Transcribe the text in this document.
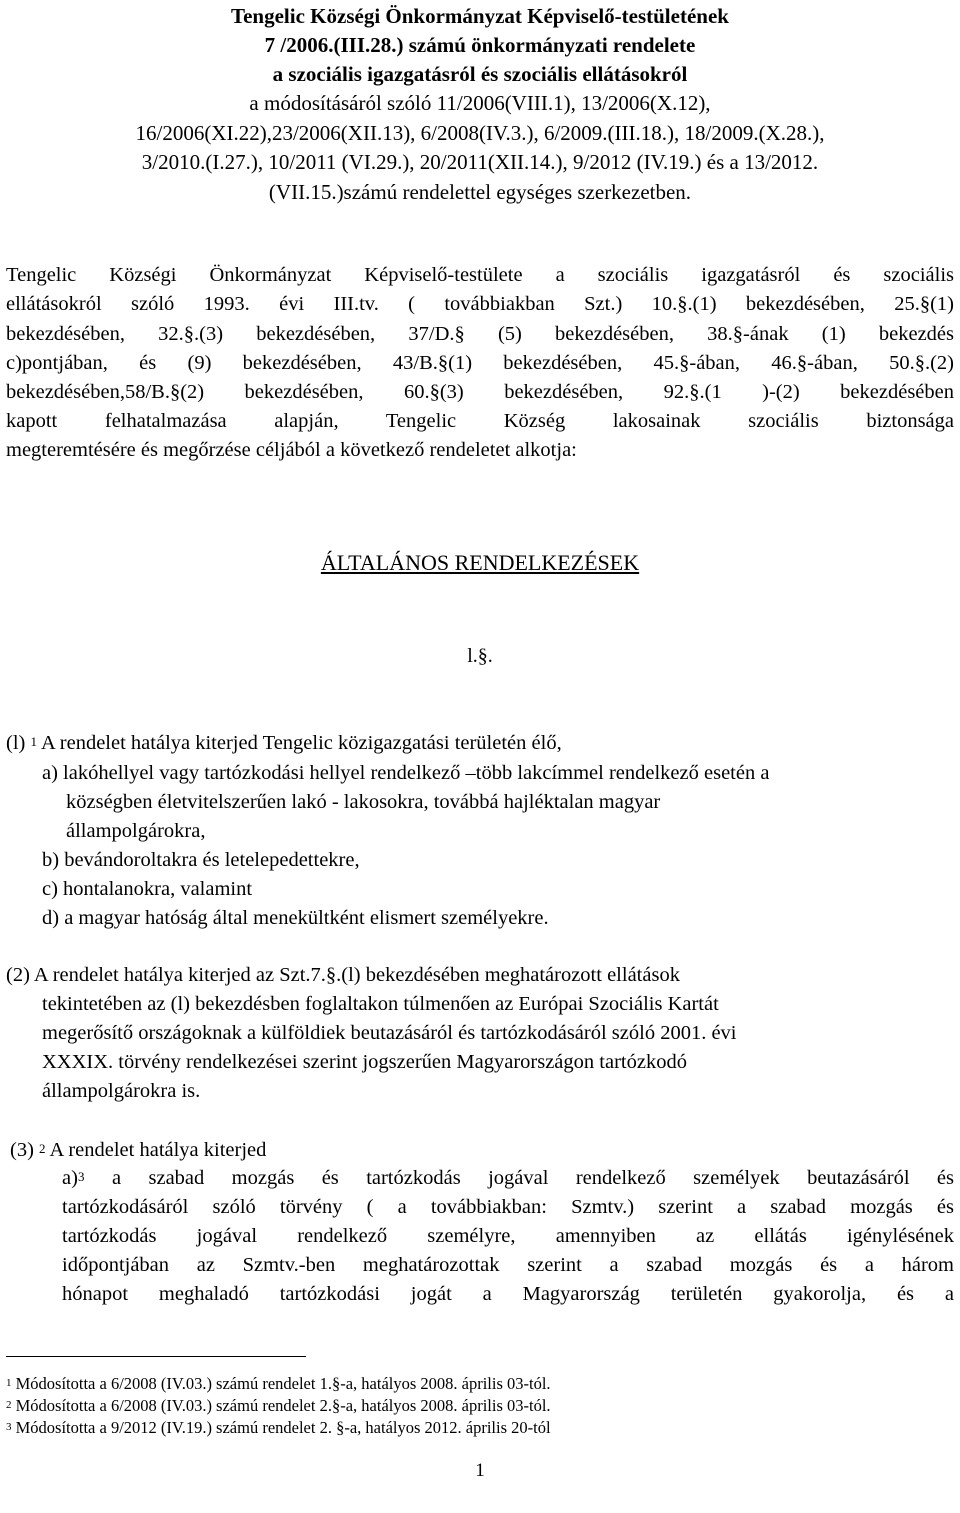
Tengelic Községi Önkormányzat Képviselő-testületének
7 /2006.(III.28.) számú önkormányzati rendelete
a szociális igazgatásról és szociális ellátásokról
a módosításáról szóló 11/2006(VIII.1), 13/2006(X.12),
16/2006(XI.22),23/2006(XII.13), 6/2008(IV.3.), 6/2009.(III.18.), 18/2009.(X.28.),
3/2010.(I.27.), 10/2011 (VI.29.), 20/2011(XII.14.), 9/2012 (IV.19.) és a 13/2012.
(VII.15.)számú rendelettel egységes szerkezetben.
Tengelic Községi Önkormányzat Képviselő-testülete a szociális igazgatásról és szociális
ellátásokról szóló 1993. évi III.tv. ( továbbiakban Szt.) 10.§.(1) bekezdésében, 25.§(1)
bekezdésében, 32.§.(3) bekezdésében, 37/D.§ (5) bekezdésében, 38.§-ának (1) bekezdés
c)pontjában, és (9) bekezdésében, 43/B.§(1) bekezdésében, 45.§-ában, 46.§-ában, 50.§.(2)
bekezdésében,58/B.§(2) bekezdésében, 60.§(3) bekezdésében, 92.§.(1 )-(2) bekezdésében
kapott felhatalmazása alapján, Tengelic Község lakosainak szociális biztonsága
megteremtésére és megőrzése céljából a következő rendeletet alkotja:
ÁLTALÁNOS RENDELKEZÉSEK
l.§.
(l) $^1$ A rendelet hatálya kiterjed Tengelic közigazgatási területén élő,
a) lakóhellyel vagy tartózkodási hellyel rendelkező –több lakcímmel rendelkező esetén a
községben életvitelszerűen lakó - lakosokra, továbbá hajléktalan magyar
állampolgárokra,
b) bevándoroltakra és letelepedettekre,
c) hontalanokra, valamint
d) a magyar hatóság által menekültként elismert személyekre.
(2) A rendelet hatálya kiterjed az Szt.7.§.(l) bekezdésében meghatározott ellátások
tekintetében az (l) bekezdésben foglaltakon túlmenően az Európai Szociális Kartát
megerősítő országoknak a külföldiek beutazásáról és tartózkodásáról szóló 2001. évi
XXXIX. törvény rendelkezései szerint jogszerűen Magyarországon tartózkodó
állampolgárokra is.
(3) $^2$ A rendelet hatálya kiterjed
a)$^3$ a szabad mozgás és tartózkodás jogával rendelkező személyek beutazásáról és
tartózkodásáról szóló törvény ( a továbbiakban: Szmtv.) szerint a szabad mozgás és
tartózkodás jogával rendelkező személyre, amennyiben az ellátás igénylésének
időpontjában az Szmtv.-ben meghatározottak szerint a szabad mozgás és a három
hónapot meghaladó tartózkodási jogát a Magyarország területén gyakorolja, és a
$^1$ Módosította a 6/2008 (IV.03.) számú rendelet 1.§-a, hatályos 2008. április 03-tól.
$^2$ Módosította a 6/2008 (IV.03.) számú rendelet 2.§-a, hatályos 2008. április 03-tól.
$^3$ Módosította a 9/2012 (IV.19.) számú rendelet 2. §-a, hatályos 2012. április 20-tól
1
